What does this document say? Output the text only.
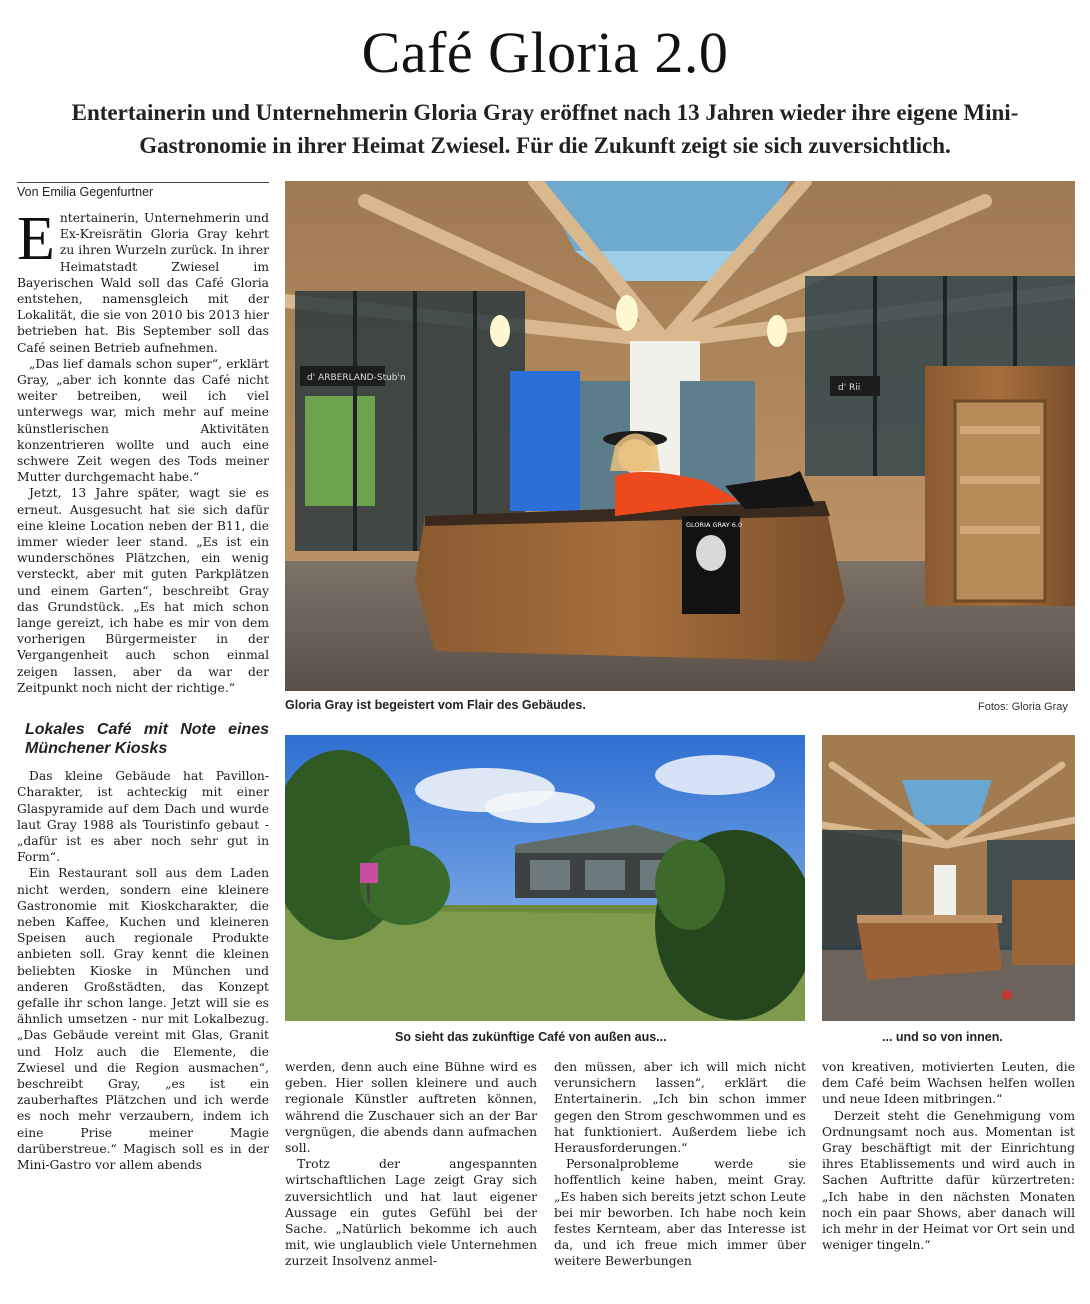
Café Gloria 2.0
Entertainerin und Unternehmerin Gloria Gray eröffnet nach 13 Jahren wieder ihre eigene Mini-Gastronomie in ihrer Heimat Zwiesel. Für die Zukunft zeigt sie sich zuversichtlich.
Von Emilia Gegenfurtner

Entertainerin, Unternehmerin und Ex-Kreisrätin Gloria Gray kehrt zu ihren Wurzeln zurück. In ihrer Heimatstadt Zwiesel im Bayerischen Wald soll das Café Gloria entstehen, namensgleich mit der Lokalität, die sie von 2010 bis 2013 hier betrieben hat. Bis September soll das Café seinen Betrieb aufnehmen.

„Das lief damals schon super“, erklärt Gray, „aber ich konnte das Café nicht weiter betreiben, weil ich viel unterwegs war, mich mehr auf meine künstlerischen Aktivitäten konzentrieren wollte und auch eine schwere Zeit wegen des Tods meiner Mutter durchgemacht habe.“

Jetzt, 13 Jahre später, wagt sie es erneut. Ausgesucht hat sie sich dafür eine kleine Location neben der B11, die immer wieder leer stand. „Es ist ein wunderschönes Plätzchen, ein wenig versteckt, aber mit guten Parkplätzen und einem Garten“, beschreibt Gray das Grundstück. „Es hat mich schon lange gereizt, ich habe es mir von dem vorherigen Bürgermeister in der Vergangenheit auch schon einmal zeigen lassen, aber da war der Zeitpunkt noch nicht der richtige.“

Lokales Café mit Note eines Münchener Kiosks

Das kleine Gebäude hat Pavillon-Charakter, ist achteckig mit einer Glaspyramide auf dem Dach und wurde laut Gray 1988 als Touristinfo gebaut - „dafür ist es aber noch sehr gut in Form“.

Ein Restaurant soll aus dem Laden nicht werden, sondern eine kleinere Gastronomie mit Kioskcharakter, die neben Kaffee, Kuchen und kleineren Speisen auch regionale Produkte anbieten soll. Gray kennt die kleinen beliebten Kioske in München und anderen Großstädten, das Konzept gefalle ihr schon lange. Jetzt will sie es ähnlich umsetzen - nur mit Lokalbezug. „Das Gebäude vereint mit Glas, Granit und Holz auch die Elemente, die Zwiesel und die Region ausmachen“, beschreibt Gray, „es ist ein zauberhaftes Plätzchen und ich werde es noch mehr verzaubern, indem ich eine Prise meiner Magie darüberstreue.“ Magisch soll es in der Mini-Gastro vor allem abends

d' ARBERLAND-Stub'n
d' Rii
GLORIA GRAY 6.0
Gloria Gray ist begeistert vom Flair des Gebäudes.	Fotos: Gloria Gray
So sieht das zukünftige Café von außen aus...	... und so von innen.

werden, denn auch eine Bühne wird es geben. Hier sollen kleinere und auch regionale Künstler auftreten können, während die Zuschauer sich an der Bar vergnügen, die abends dann aufmachen soll.

Trotz der angespannten wirtschaftlichen Lage zeigt Gray sich zuversichtlich und hat laut eigener Aussage ein gutes Gefühl bei der Sache. „Natürlich bekomme ich auch mit, wie unglaublich viele Unternehmen zurzeit Insolvenz anmel-

den müssen, aber ich will mich nicht verunsichern lassen“, erklärt die Entertainerin. „Ich bin schon immer gegen den Strom geschwommen und es hat funktioniert. Außerdem liebe ich Herausforderungen.“

Personalprobleme werde sie hoffentlich keine haben, meint Gray. „Es haben sich bereits jetzt schon Leute bei mir beworben. Ich habe noch kein festes Kernteam, aber das Interesse ist da, und ich freue mich immer über weitere Bewerbungen

von kreativen, motivierten Leuten, die dem Café beim Wachsen helfen wollen und neue Ideen mitbringen.“

Derzeit steht die Genehmigung vom Ordnungsamt noch aus. Momentan ist Gray beschäftigt mit der Einrichtung ihres Etablissements und wird auch in Sachen Auftritte dafür kürzertreten: „Ich habe in den nächsten Monaten noch ein paar Shows, aber danach will ich mehr in der Heimat vor Ort sein und weniger tingeln.“
